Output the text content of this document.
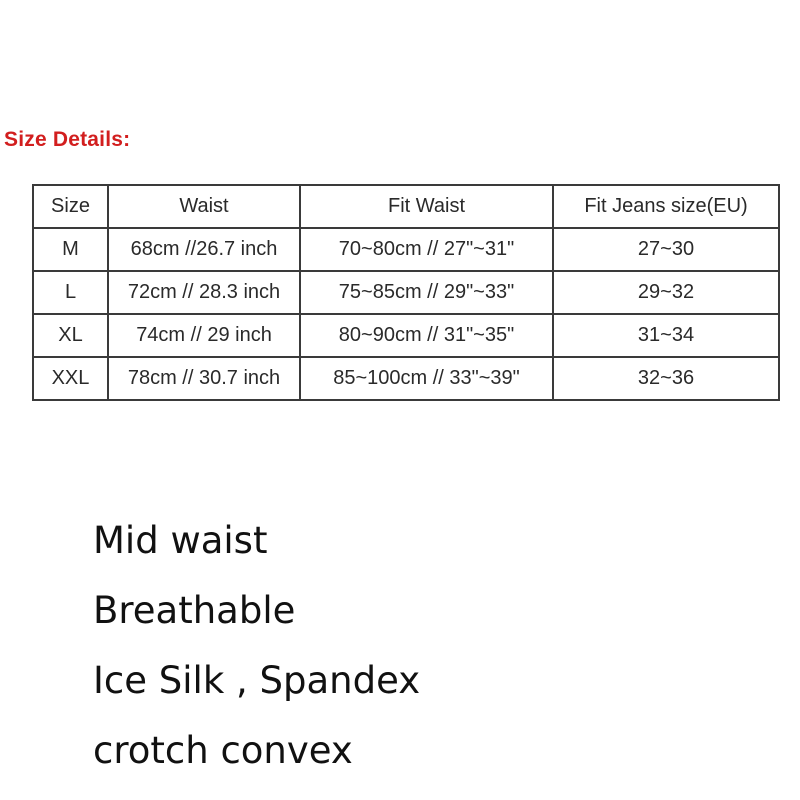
Size Details:
Size	Waist	Fit Waist	Fit Jeans size(EU)
M	68cm //26.7 inch	70~80cm // 27"~31"	27~30
L	72cm // 28.3 inch	75~85cm // 29"~33"	29~32
XL	74cm // 29 inch	80~90cm // 31"~35"	31~34
XXL	78cm // 30.7 inch	85~100cm // 33"~39"	32~36
Mid waist
Breathable
Ice Silk , Spandex
crotch convex
